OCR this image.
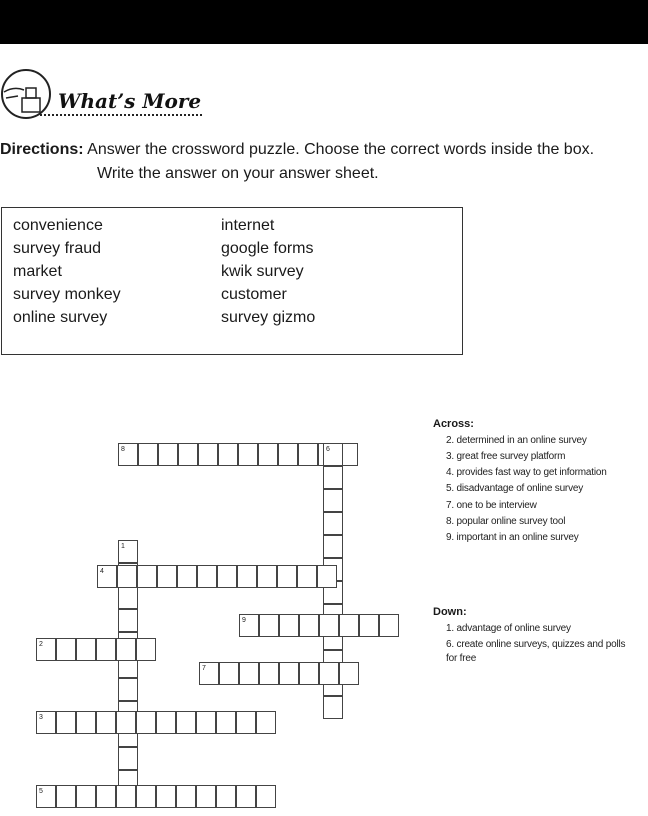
What’s More
Directions: Answer the crossword puzzle. Choose the correct words inside the box.
Write the answer on your answer sheet.
convenience
survey fraud
market
survey monkey
online survey
internet
google forms
kwik survey
customer
survey gizmo
8	6
1
4
9
2
7
3
5
Across:
2. determined in an online survey
3. great free survey platform
4. provides fast way to get information
5. disadvantage of online survey
7. one to be interview
8. popular online survey tool
9. important in an online survey
Down:
1. advantage of online survey
6. create online surveys, quizzes and polls
for free
